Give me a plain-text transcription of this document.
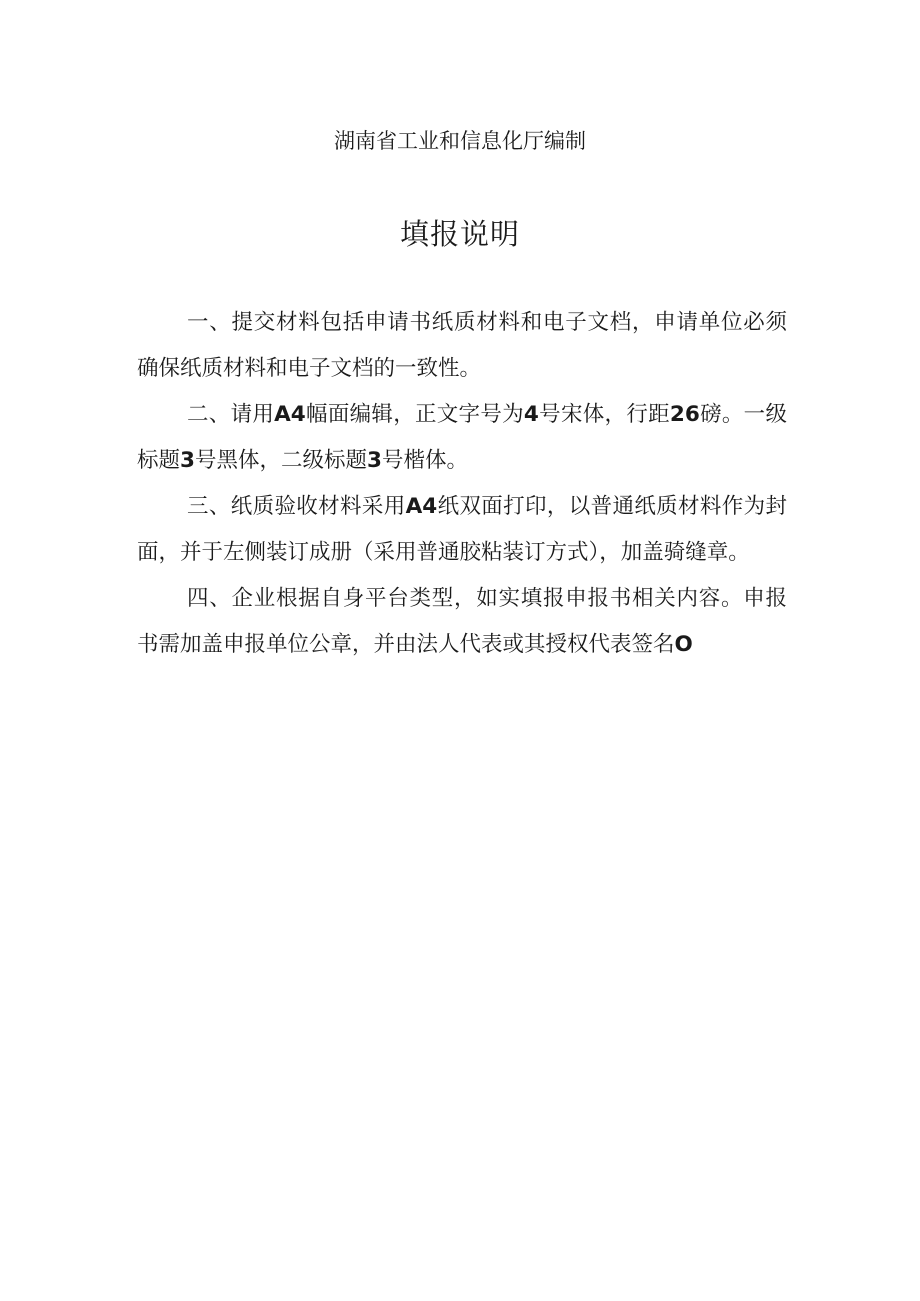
湖南省工业和信息化厅编制
填报说明

一、提交材料包括申请书纸质材料和电子文档，申请单位必须确保纸质材料和电子文档的一致性。

二、请用A4幅面编辑，正文字号为4号宋体，行距26磅。一级标题3号黑体，二级标题3号楷体。

三、纸质验收材料采用A4纸双面打印，以普通纸质材料作为封面，并于左侧装订成册（采用普通胶粘装订方式），加盖骑缝章。

四、企业根据自身平台类型，如实填报申报书相关内容。申报书需加盖申报单位公章，并由法人代表或其授权代表签名O
